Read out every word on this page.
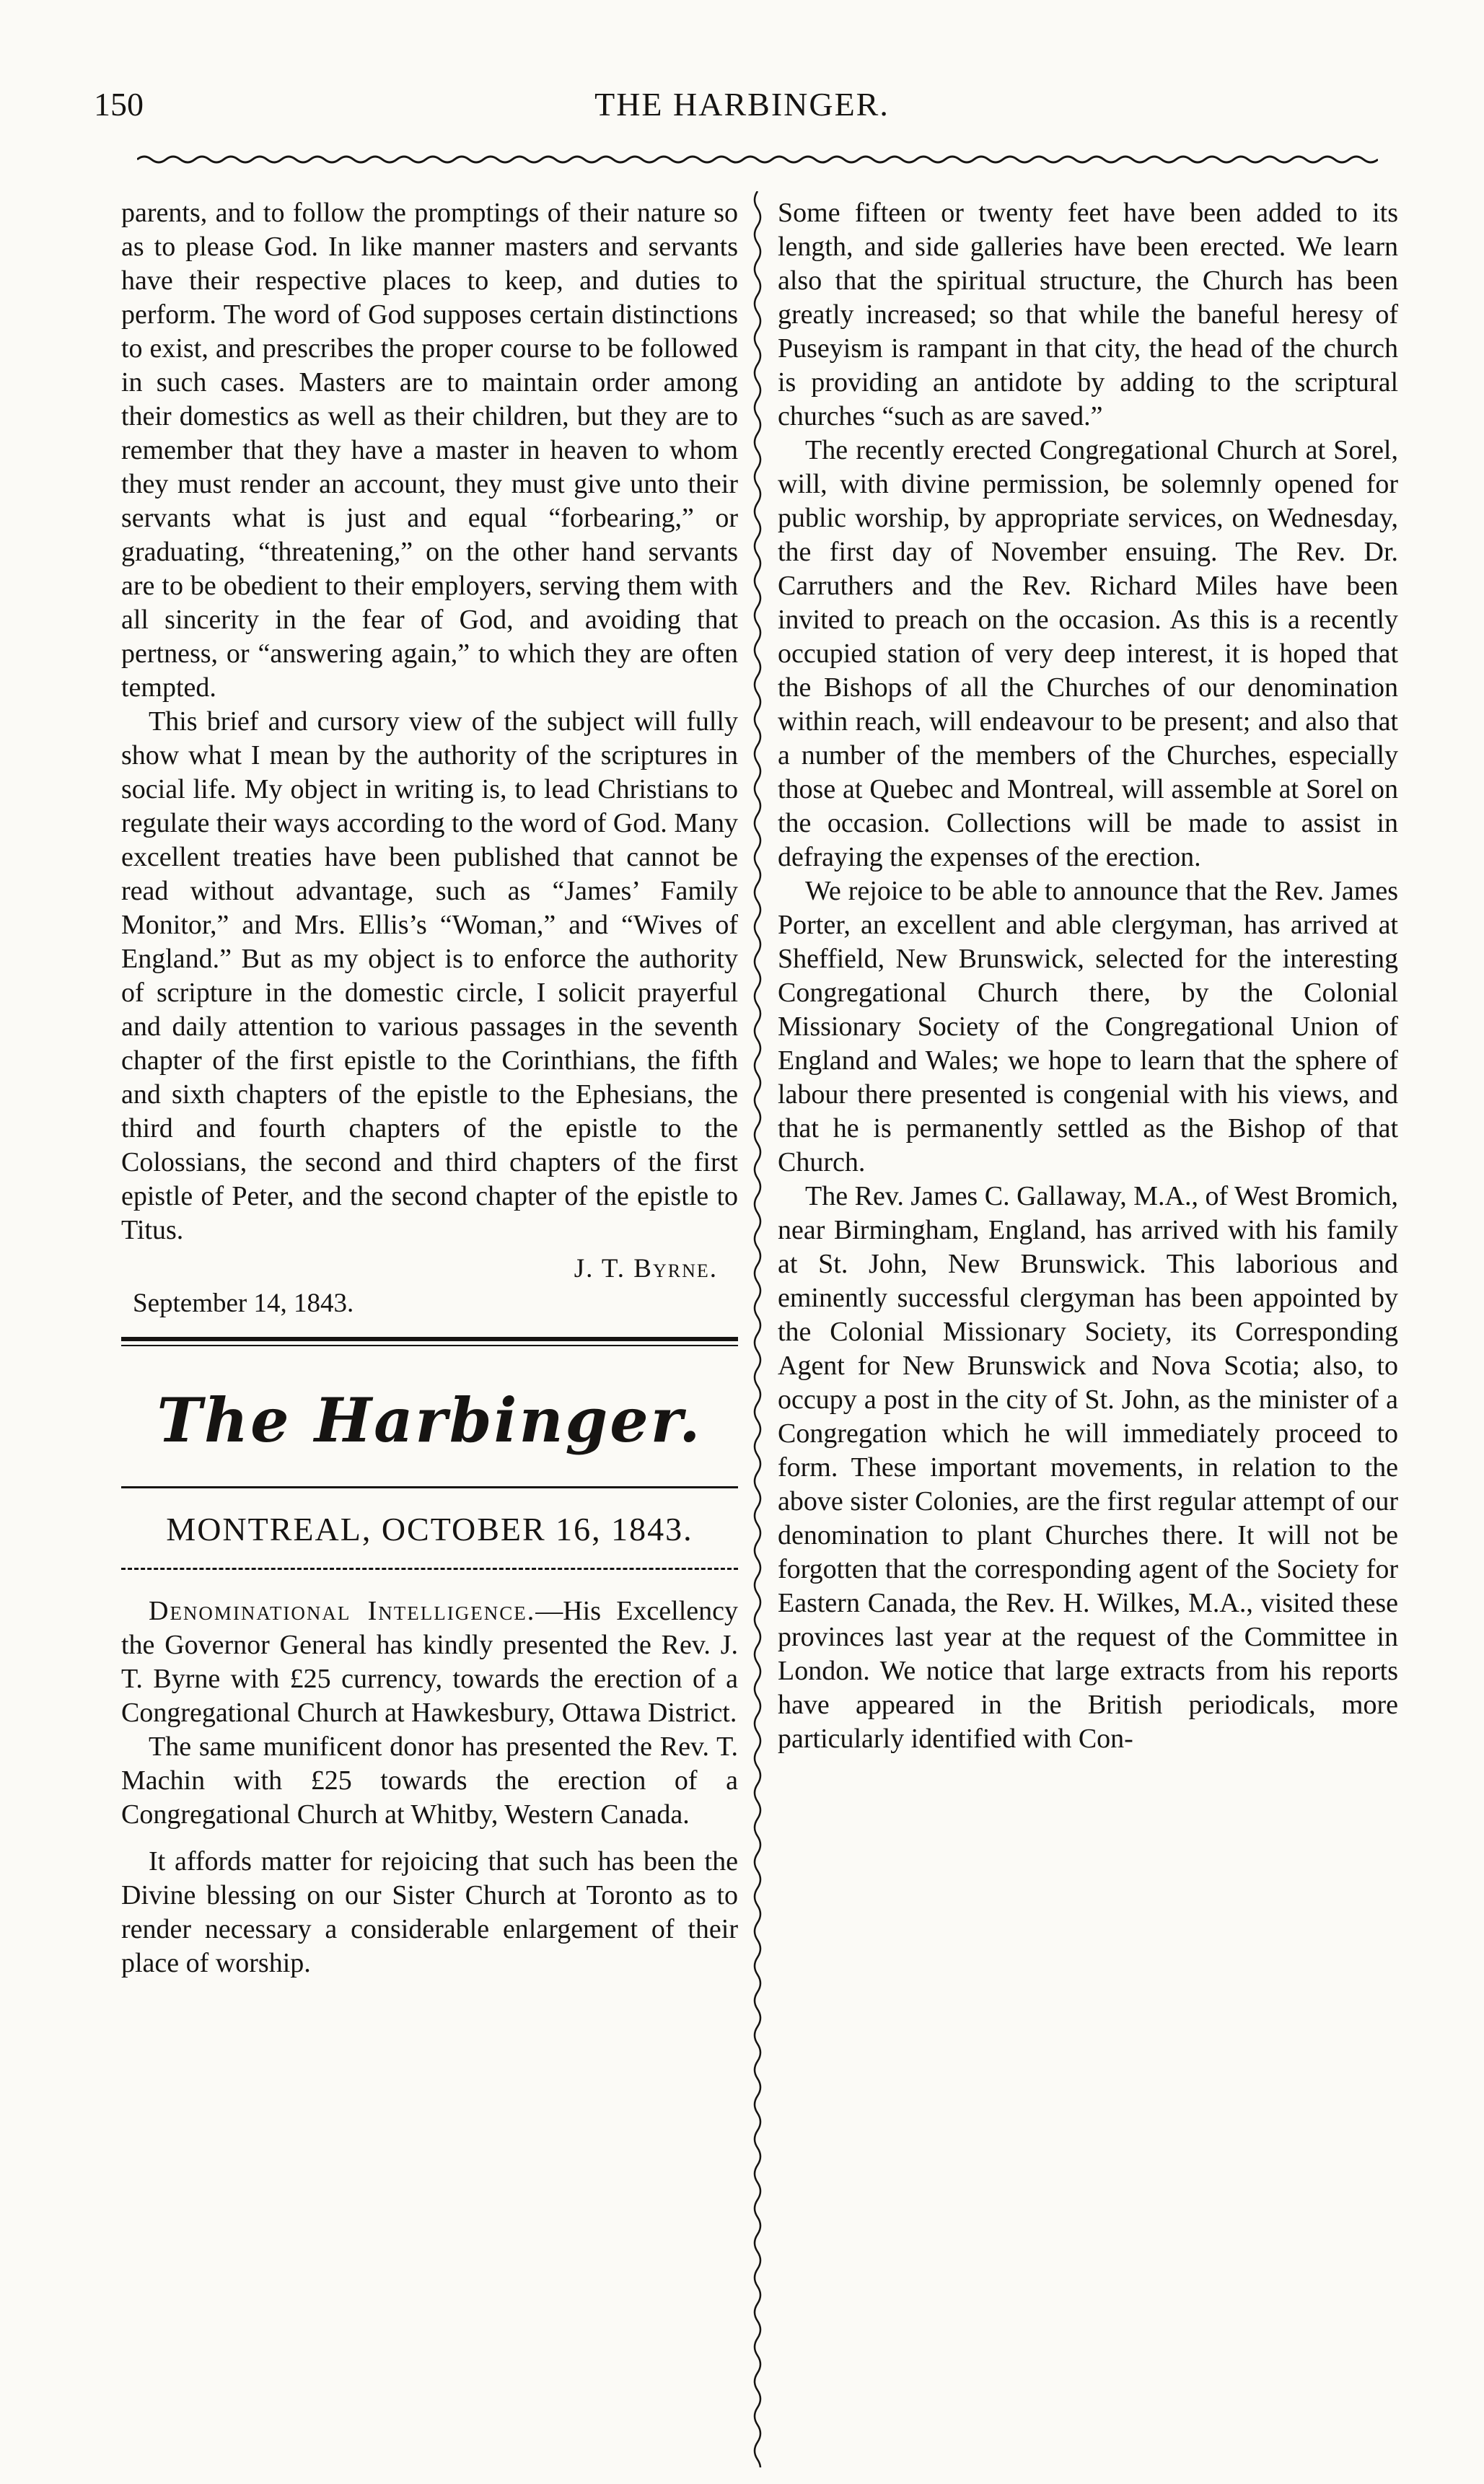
150	THE HARBINGER.

parents, and to follow the promptings of their nature so as to please God. In like manner masters and servants have their respective places to keep, and duties to perform. The word of God supposes certain distinctions to exist, and prescribes the proper course to be followed in such cases. Masters are to maintain order among their domestics as well as their children, but they are to remember that they have a master in heaven to whom they must render an account, they must give unto their servants what is just and equal “forbearing,” or graduating, “threatening,” on the other hand servants are to be obedient to their employers, serving them with all sincerity in the fear of God, and avoiding that pertness, or “answering again,” to which they are often tempted.

This brief and cursory view of the subject will fully show what I mean by the authority of the scriptures in social life. My object in writing is, to lead Christians to regulate their ways according to the word of God. Many excellent treaties have been published that cannot be read without advantage, such as “James’ Family Monitor,” and Mrs. Ellis’s “Woman,” and “Wives of England.” But as my object is to enforce the authority of scripture in the domestic circle, I solicit prayerful and daily attention to various passages in the seventh chapter of the first epistle to the Corinthians, the fifth and sixth chapters of the epistle to the Ephesians, the third and fourth chapters of the epistle to the Colossians, the second and third chapters of the first epistle of Peter, and the second chapter of the epistle to Titus.

J. T. Byrne.
September 14, 1843.
The Harbinger.
MONTREAL, OCTOBER 16, 1843.

Denominational Intelligence.—His Excellency the Governor General has kindly presented the Rev. J. T. Byrne with £25 currency, towards the erection of a Congregational Church at Hawkesbury, Ottawa District.

The same munificent donor has presented the Rev. T. Machin with £25 towards the erection of a Congregational Church at Whitby, Western Canada.

It affords matter for rejoicing that such has been the Divine blessing on our Sister Church at Toronto as to render necessary a considerable enlargement of their place of worship.

Some fifteen or twenty feet have been added to its length, and side galleries have been erected. We learn also that the spiritual structure, the Church has been greatly increased; so that while the baneful heresy of Puseyism is rampant in that city, the head of the church is providing an antidote by adding to the scriptural churches “such as are saved.”

The recently erected Congregational Church at Sorel, will, with divine permission, be solemnly opened for public worship, by appropriate services, on Wednesday, the first day of November ensuing. The Rev. Dr. Carruthers and the Rev. Richard Miles have been invited to preach on the occasion. As this is a recently occupied station of very deep interest, it is hoped that the Bishops of all the Churches of our denomination within reach, will endeavour to be present; and also that a number of the members of the Churches, especially those at Quebec and Montreal, will assemble at Sorel on the occasion. Collections will be made to assist in defraying the expenses of the erection.

We rejoice to be able to announce that the Rev. James Porter, an excellent and able clergyman, has arrived at Sheffield, New Brunswick, selected for the interesting Congregational Church there, by the Colonial Missionary Society of the Congregational Union of England and Wales; we hope to learn that the sphere of labour there presented is congenial with his views, and that he is permanently settled as the Bishop of that Church.

The Rev. James C. Gallaway, M.A., of West Bromich, near Birmingham, England, has arrived with his family at St. John, New Brunswick. This laborious and eminently successful clergyman has been appointed by the Colonial Missionary Society, its Corresponding Agent for New Brunswick and Nova Scotia; also, to occupy a post in the city of St. John, as the minister of a Congregation which he will immediately proceed to form. These important movements, in relation to the above sister Colonies, are the first regular attempt of our denomination to plant Churches there. It will not be forgotten that the corresponding agent of the Society for Eastern Canada, the Rev. H. Wilkes, M.A., visited these provinces last year at the request of the Committee in London. We notice that large extracts from his reports have appeared in the British periodicals, more particularly identified with Con-
